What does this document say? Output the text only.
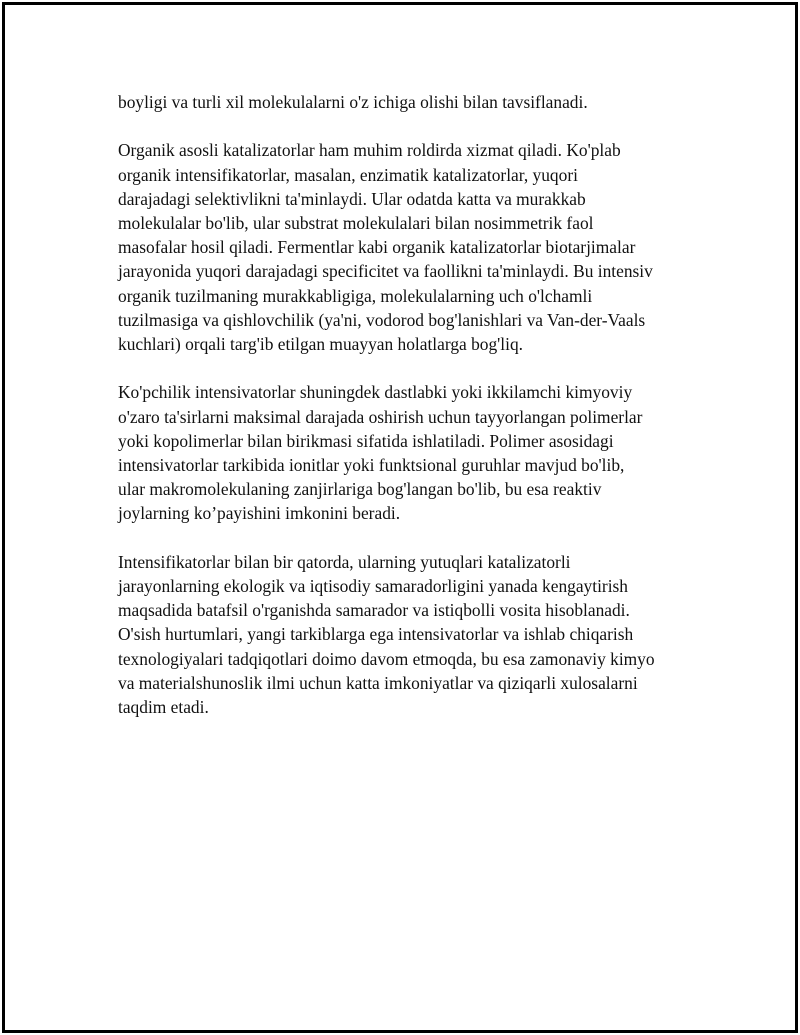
boyligi va turli xil molekulalarni o'z ichiga olishi bilan tavsiflanadi.

Organik asosli katalizatorlar ham muhim roldirda xizmat qiladi. Ko'plab
organik intensifikatorlar, masalan, enzimatik katalizatorlar, yuqori
darajadagi selektivlikni ta'minlaydi. Ular odatda katta va murakkab
molekulalar bo'lib, ular substrat molekulalari bilan nosimmetrik faol
masofalar hosil qiladi. Fermentlar kabi organik katalizatorlar biotarjimalar
jarayonida yuqori darajadagi specificitet va faollikni ta'minlaydi. Bu intensiv
organik tuzilmaning murakkabligiga, molekulalarning uch o'lchamli
tuzilmasiga va qishlovchilik (ya'ni, vodorod bog'lanishlari va Van-der-Vaals
kuchlari) orqali targ'ib etilgan muayyan holatlarga bog'liq.

Ko'pchilik intensivatorlar shuningdek dastlabki yoki ikkilamchi kimyoviy
o'zaro ta'sirlarni maksimal darajada oshirish uchun tayyorlangan polimerlar
yoki kopolimerlar bilan birikmasi sifatida ishlatiladi. Polimer asosidagi
intensivatorlar tarkibida ionitlar yoki funktsional guruhlar mavjud bo'lib,
ular makromolekulaning zanjirlariga bog'langan bo'lib, bu esa reaktiv
joylarning ko’payishini imkonini beradi.

Intensifikatorlar bilan bir qatorda, ularning yutuqlari katalizatorli
jarayonlarning ekologik va iqtisodiy samaradorligini yanada kengaytirish
maqsadida batafsil o'rganishda samarador va istiqbolli vosita hisoblanadi.
O'sish hurtumlari, yangi tarkiblarga ega intensivatorlar va ishlab chiqarish
texnologiyalari tadqiqotlari doimo davom etmoqda, bu esa zamonaviy kimyo
va materialshunoslik ilmi uchun katta imkoniyatlar va qiziqarli xulosalarni
taqdim etadi.
